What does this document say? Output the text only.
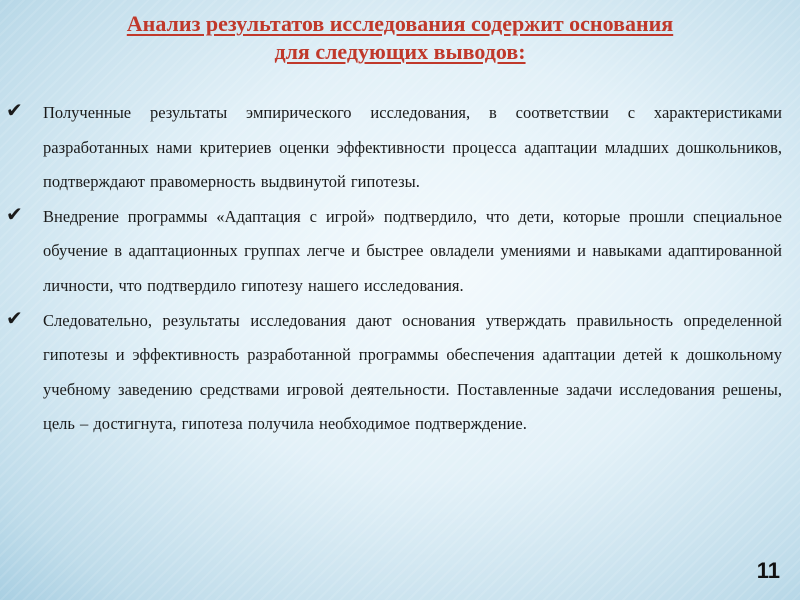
Анализ результатов исследования содержит основания
для следующих выводов:
✔ Полученные результаты эмпирического исследования, в соответствии с характеристиками разработанных нами критериев оценки эффективности процесса адаптации младших дошкольников, подтверждают правомерность выдвинутой гипотезы.
✔ Внедрение программы «Адаптация с игрой» подтвердило, что дети, которые прошли специальное обучение в адаптационных группах легче и быстрее овладели умениями и навыками адаптированной личности, что подтвердило гипотезу нашего исследования.
✔ Следовательно, результаты исследования дают основания утверждать правильность определенной гипотезы и эффективность разработанной программы обеспечения адаптации детей к дошкольному учебному заведению средствами игровой деятельности. Поставленные задачи исследования решены, цель – достигнута, гипотеза получила необходимое подтверждение.
11
